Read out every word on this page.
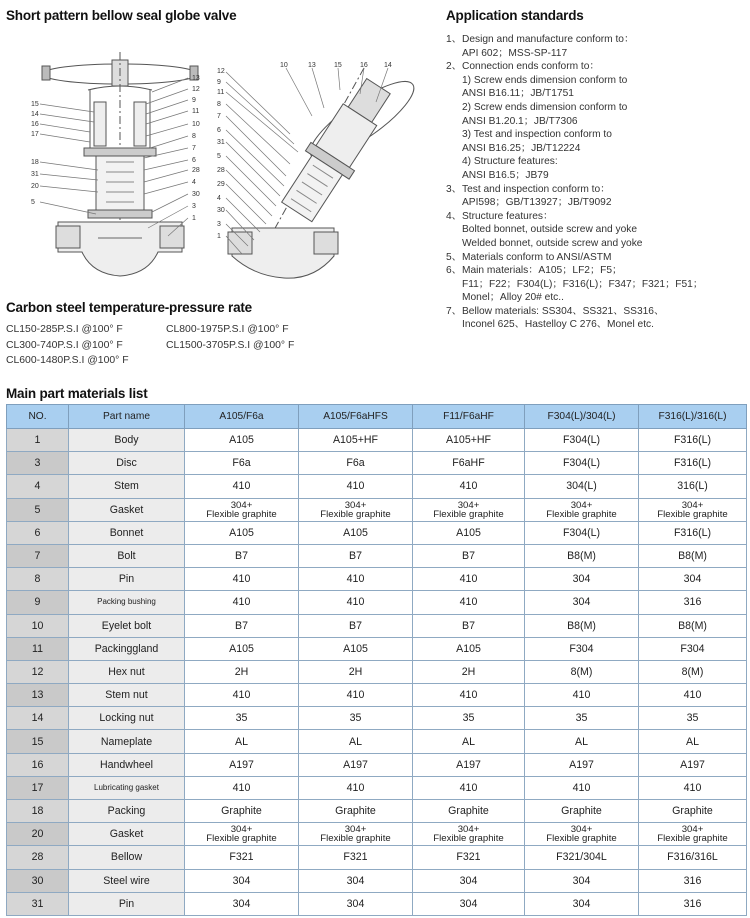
Short pattern bellow seal globe valve	Application standards
15
14
16
17
18
31
20
5
13
12
9
11
10
8
7
6
28
4
30
3
1
12
9
11
8
7
6
31
5
28
29
4
30
3
1
10	13	15	16 14
1、 Design and manufacture conform to：
API 602；MSS-SP-117
2、 Connection ends conform to：
1) Screw ends dimension conform to
ANSI B16.11；JB/T1751
2) Screw ends dimension conform to
ANSI B1.20.1；JB/T7306
3) Test and inspection conform to
ANSI B16.25；JB/T12224
4) Structure features:
ANSI B16.5；JB79
3、 Test and inspection conform to：
API598；GB/T13927；JB/T9092
4、 Structure features：
Bolted bonnet, outside screw and yoke
Welded bonnet, outside screw and yoke
5、 Materials conform to ANSI/ASTM
6、 Main materials：A105；LF2；F5；
F11；F22；F304(L)；F316(L)；F347；F321；F51；
Monel；Alloy 20# etc..
7、 Bellow materials: SS304、SS321、SS316、
Inconel 625、Hastelloy C 276、Monel etc.
Carbon steel temperature-pressure rate
CL150-285P.S.I @100° F
CL300-740P.S.I @100° F
CL600-1480P.S.I @100° F
CL800-1975P.S.I @100° F
CL1500-3705P.S.I @100° F
Main part materials list
NO.	Part name	A105/F6a	A105/F6aHFS	F11/F6aHF	F304(L)/304(L)	F316(L)/316(L)
1	Body	A105	A105+HF	A105+HF	F304(L)	F316(L)
3	Disc	F6a	F6a	F6aHF	F304(L)	F316(L)
4	Stem	410	410	410	304(L)	316(L)
5	Gasket	304+
Flexible graphite	304+
Flexible graphite	304+
Flexible graphite	304+
Flexible graphite	304+
Flexible graphite

6	Bonnet	A105	A105	A105	F304(L)	F316(L)
7	Bolt	B7	B7	B7	B8(M)	B8(M)
8	Pin	410	410	410	304	304
9	Packing bushing	410	410	410	304	316
10	Eyelet bolt	B7	B7	B7	B8(M)	B8(M)
11	Packinggland	A105	A105	A105	F304	F304
12	Hex nut	2H	2H	2H	8(M)	8(M)
13	Stem nut	410	410	410	410	410
14	Locking nut	35	35	35	35	35
15	Nameplate	AL	AL	AL	AL	AL
16	Handwheel	A197	A197	A197	A197	A197
17	Lubricating gasket	410	410	410	410	410
18	Packing	Graphite	Graphite	Graphite	Graphite	Graphite
20	Gasket	304+
Flexible graphite	304+
Flexible graphite	304+
Flexible graphite	304+
Flexible graphite	304+
Flexible graphite

28	Bellow	F321	F321	F321	F321/304L	F316/316L
30	Steel wire	304	304	304	304	316
31	Pin	304	304	304	304	316
